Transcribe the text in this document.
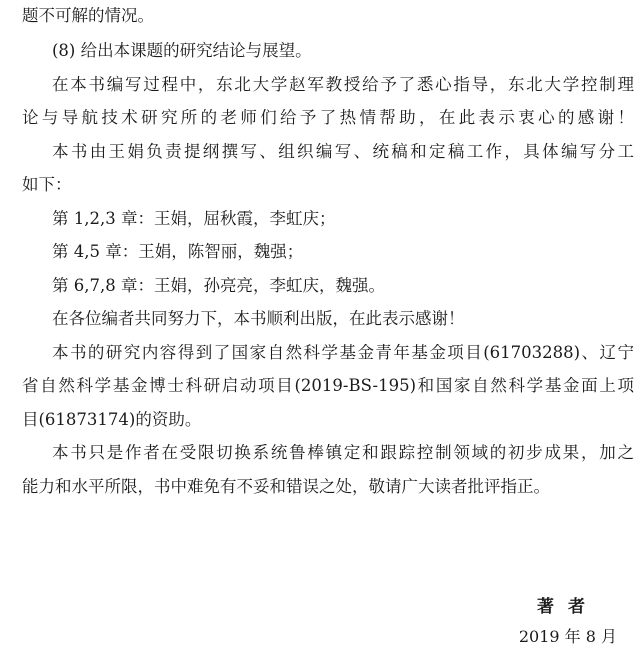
题不可解的情况。
(8) 给出本课题的研究结论与展望。
在本书编写过程中，东北大学赵军教授给予了悉心指导，东北大学控制理
论与导航技术研究所的老师们给予了热情帮助，在此表示衷心的感谢！
本书由王娟负责提纲撰写、组织编写、统稿和定稿工作，具体编写分工
如下：
第 1,2,3 章：王娟，屈秋霞，李虹庆；
第 4,5 章：王娟，陈智丽，魏强；
第 6,7,8 章：王娟，孙亮亮，李虹庆，魏强。
在各位编者共同努力下，本书顺利出版，在此表示感谢！
本书的研究内容得到了国家自然科学基金青年基金项目(61703288)、辽宁
省自然科学基金博士科研启动项目(2019-BS-195)和国家自然科学基金面上项
目(61873174)的资助。
本书只是作者在受限切换系统鲁棒镇定和跟踪控制领域的初步成果，加之
能力和水平所限，书中难免有不妥和错误之处，敬请广大读者批评指正。
著者
2019 年 8 月
